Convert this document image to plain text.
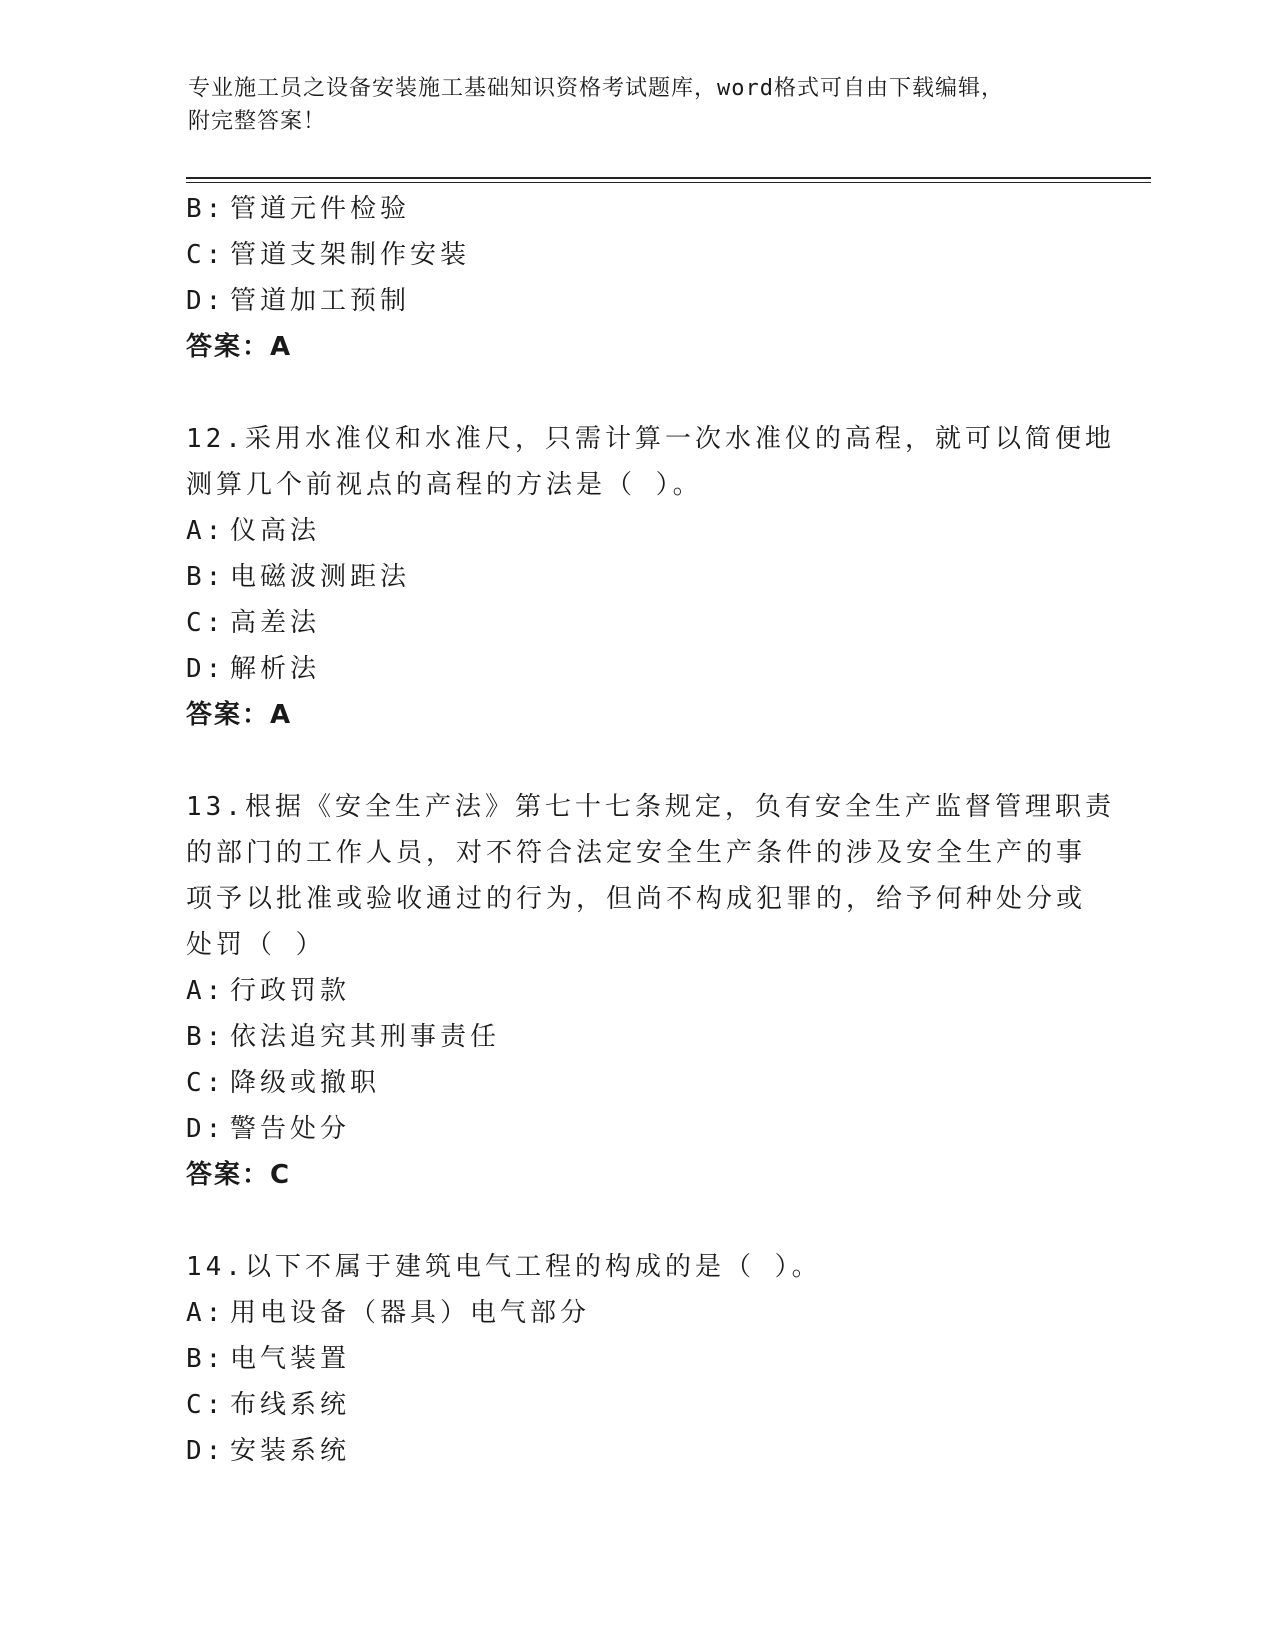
专业施工员之设备安装施工基础知识资格考试题库，word格式可自由下载编辑，
附完整答案！
B: 管道元件检验
C: 管道支架制作安装
D: 管道加工预制
答案：A
12.采用水准仪和水准尺，只需计算一次水准仪的高程，就可以简便地
测算几个前视点的高程的方法是（ ）。
A: 仪高法
B: 电磁波测距法
C: 高差法
D: 解析法
答案：A
13.根据《安全生产法》第七十七条规定，负有安全生产监督管理职责
的部门的工作人员，对不符合法定安全生产条件的涉及安全生产的事
项予以批准或验收通过的行为，但尚不构成犯罪的，给予何种处分或
处罚（ ）
A: 行政罚款
B: 依法追究其刑事责任
C: 降级或撤职
D: 警告处分
答案：C
14.以下不属于建筑电气工程的构成的是（ ）。
A: 用电设备（器具）电气部分
B: 电气装置
C: 布线系统
D: 安装系统
